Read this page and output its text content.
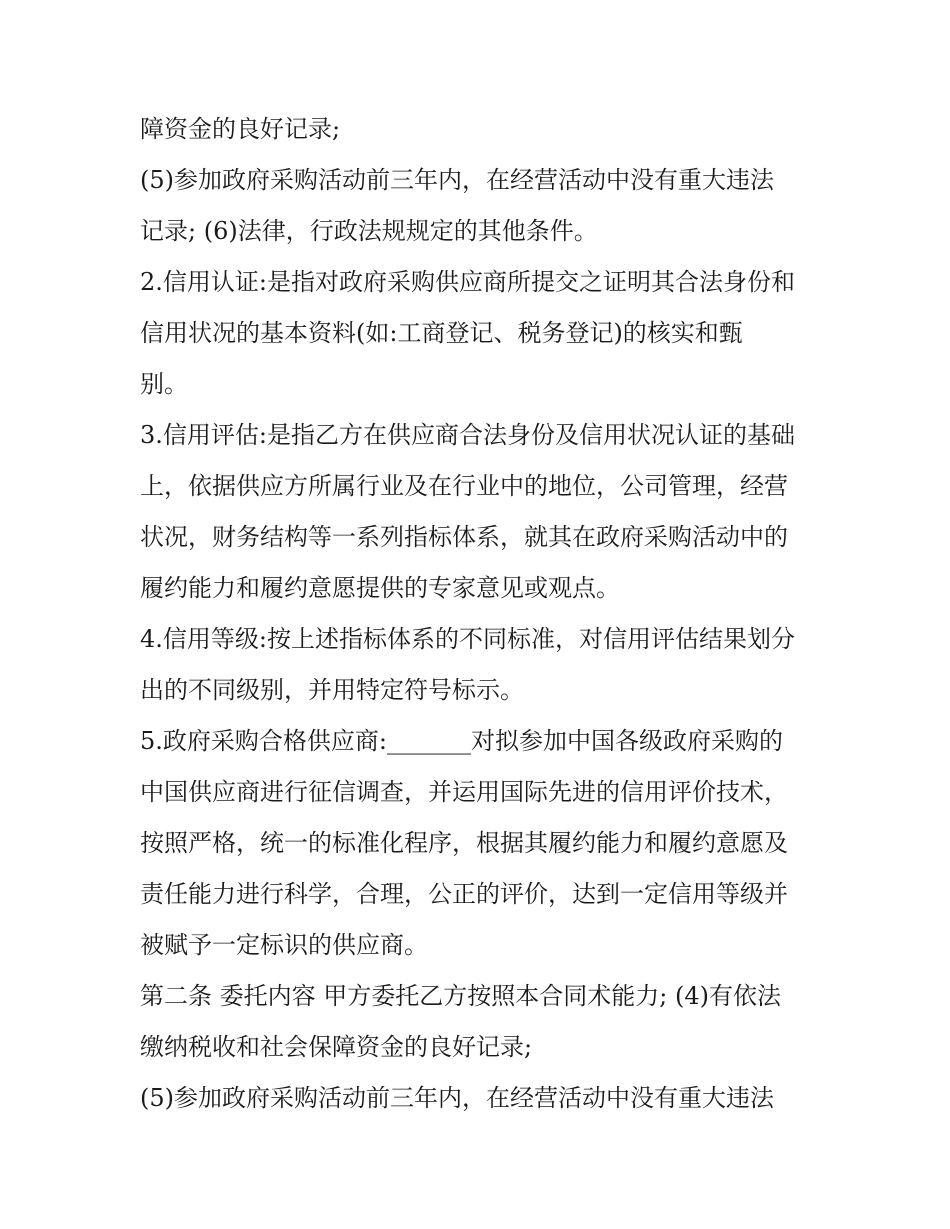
障资金的良好记录;
(5)参加政府采购活动前三年内，在经营活动中没有重大违法
记录; (6)法律，行政法规规定的其他条件。
2.信用认证:是指对政府采购供应商所提交之证明其合法身份和
信用状况的基本资料(如:工商登记、税务登记)的核实和甄
别。
3.信用评估:是指乙方在供应商合法身份及信用状况认证的基础
上，依据供应方所属行业及在行业中的地位，公司管理，经营
状况，财务结构等一系列指标体系，就其在政府采购活动中的
履约能力和履约意愿提供的专家意见或观点。
4.信用等级:按上述指标体系的不同标准，对信用评估结果划分
出的不同级别，并用特定符号标示。
5.政府采购合格供应商:_______对拟参加中国各级政府采购的
中国供应商进行征信调查，并运用国际先进的信用评价技术，
按照严格，统一的标准化程序，根据其履约能力和履约意愿及
责任能力进行科学，合理，公正的评价，达到一定信用等级并
被赋予一定标识的供应商。
第二条 委托内容 甲方委托乙方按照本合同术能力; (4)有依法
缴纳税收和社会保障资金的良好记录;
(5)参加政府采购活动前三年内，在经营活动中没有重大违法
